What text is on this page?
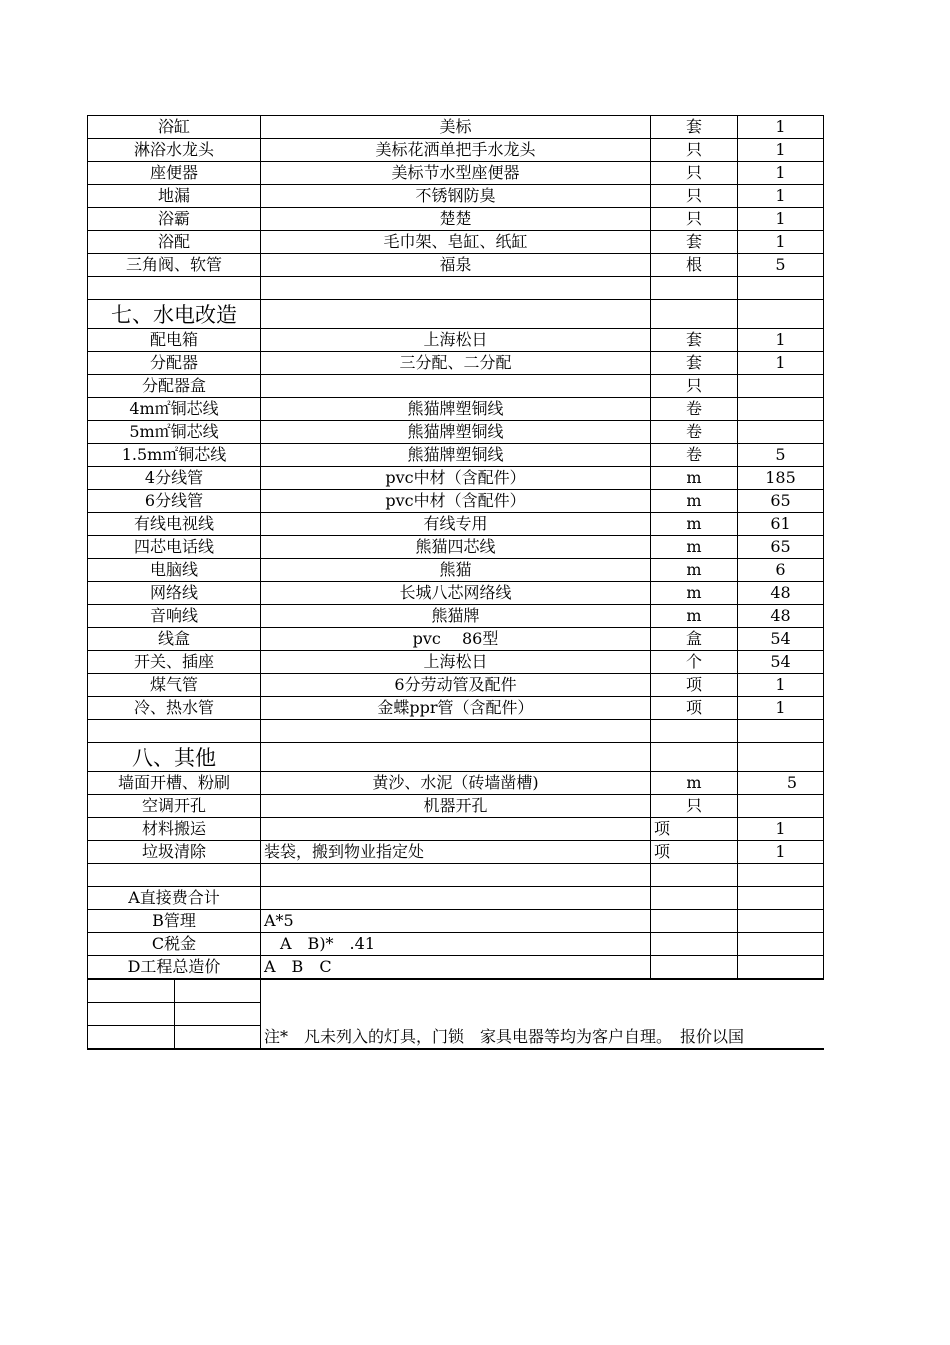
浴缸		美标	套	1
淋浴水龙头		美标花洒单把手水龙头	只	1
座便器		美标节水型座便器	只	1
地漏		不锈钢防臭	只	1
浴霸		楚楚	只	1
浴配		毛巾架、皂缸、纸缸	套	1
三角阀、软管		福泉	根	5

七、水电改造				
配电箱		上海松日	套	1
分配器		三分配、二分配	套	1
分配器盒			只	
4m㎡铜芯线		熊猫牌塑铜线	卷	
5m㎡铜芯线		熊猫牌塑铜线	卷	
1.5m㎡铜芯线		熊猫牌塑铜线	卷	5
4分线管		pvc中材（含配件）	m	185
6分线管		pvc中材（含配件）	m	65
有线电视线		有线专用	m	61
四芯电话线		熊猫四芯线	m	65
电脑线		熊猫	m	6
网络线		长城八芯网络线	m	48
音响线		熊猫牌	m	48
线盒		pvc　 86型	盒	54
开关、插座		上海松日	个	54
煤气管		6分劳动管及配件	项	1
冷、热水管		金蝶ppr管（含配件）	项	1

八、其他				
墙面开槽、粉刷		黄沙、水泥（砖墙凿槽)	m	5
空调开孔		机器开孔	只	
材料搬运			项	1
垃圾清除		装袋，搬到物业指定处	项	1

A直接费合计				
B管理		A*5		
C税金		　A　B)*　.41		
D工程总造价		A　B　C		
		注*　凡未列入的灯具，门锁　家具电器等均为客户自理。　报价以国		
